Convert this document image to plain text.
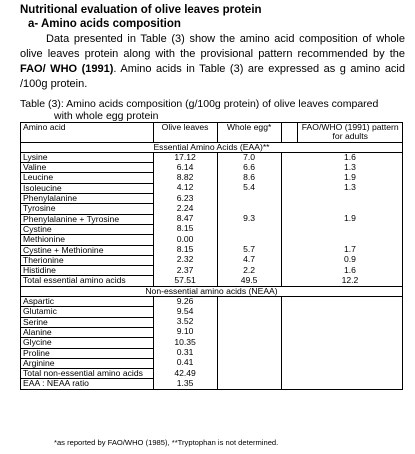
Nutritional evaluation of olive leaves protein
a- Amino acids composition
Data presented in Table (3) show the amino acid composition of whole olive leaves protein along with the provisional pattern recommended by the FAO/ WHO (1991). Amino acids in Table (3) are expressed as g amino acid /100g protein.
Table (3): Amino acids composition (g/100g protein) of olive leaves compared
with whole egg protein
Amino acid	Olive leaves	Whole egg*		FAO/WHO (1991) pattern for adults
Essential Amino Acids (EAA)**				
Lysine	17.12	7.0		1.6
Valine	6.14	6.6		1.3
Leucine	8.82	8.6		1.9
Isoleucine	4.12	5.4		1.3
Phenylalanine	6.23			
Tyrosine	2.24			
Phenylalanine + Tyrosine	8.47	9.3		1.9
Cystine	8.15			
Methionine	0.00			
Cystine + Methionine	8.15	5.7		1.7
Therionine	2.32	4.7		0.9
Histidine	2.37	2.2		1.6
Total essential amino acids	57.51	49.5		12.2
Non-essential amino acids (NEAA)				
Aspartic	9.26			
Glutamic	9.54			
Serine	3.52			
Alanine	9.10			
Glycine	10.35			
Proline	0.31			
Arginine	0.41			
Total non-essential amino acids	42.49			
EAA : NEAA ratio	1.35			
*as reported by FAO/WHO (1985), **Tryptophan is not determined.
